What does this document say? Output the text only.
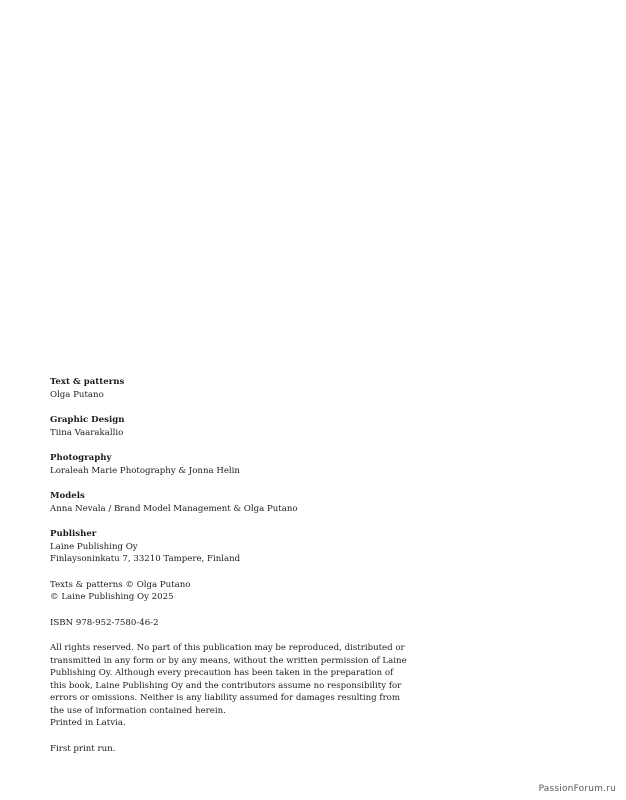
Text & patterns
Olga Putano
Graphic Design
Tiina Vaarakallio
Photography
Loraleah Marie Photography & Jonna Helin
Models
Anna Nevala / Brand Model Management & Olga Putano
Publisher
Laine Publishing Oy
Finlaysoninkatu 7, 33210 Tampere, Finland
Texts & patterns © Olga Putano
© Laine Publishing Oy 2025
ISBN 978-952-7580-46-2
All rights reserved. No part of this publication may be reproduced, distributed or
transmitted in any form or by any means, without the written permission of Laine
Publishing Oy. Although every precaution has been taken in the preparation of
this book, Laine Publishing Oy and the contributors assume no responsibility for
errors or omissions. Neither is any liability assumed for damages resulting from
the use of information contained herein.
Printed in Latvia.
First print run.
PassionForum.ru
